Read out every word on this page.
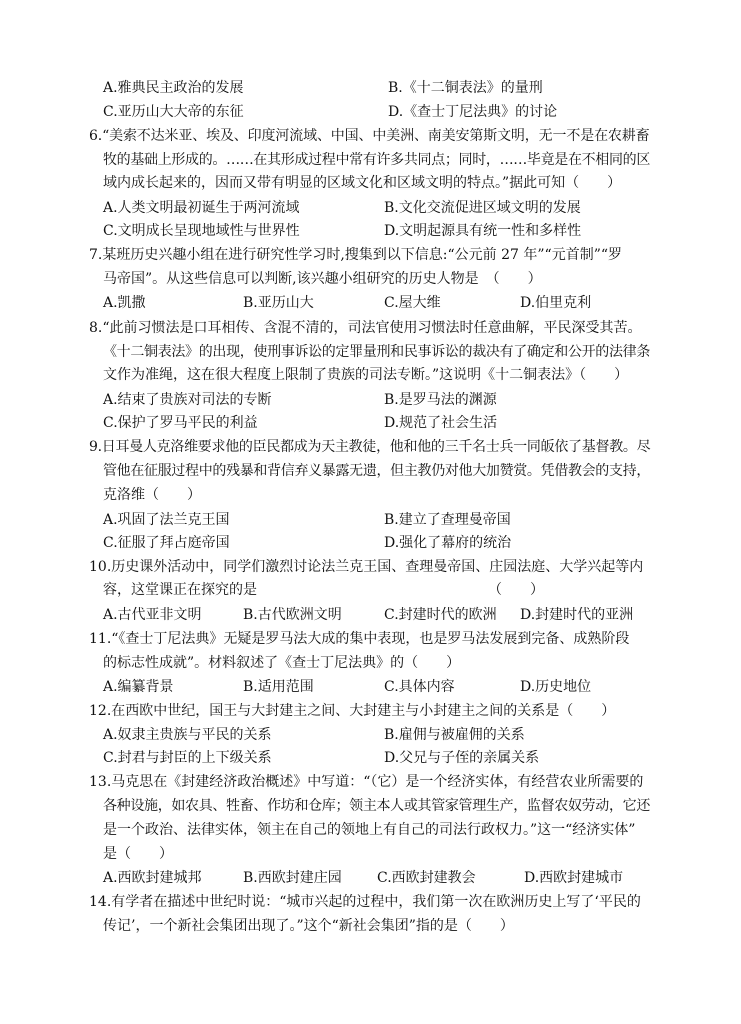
A.雅典民主政治的发展	B.《十二铜表法》的量刑
C.亚历山大大帝的东征	D.《查士丁尼法典》的讨论
6.“美索不达米亚、埃及、印度河流域、中国、中美洲、南美安第斯文明，无一不是在农耕畜
牧的基础上形成的。……在其形成过程中常有许多共同点；同时，……毕竟是在不相同的区
域内成长起来的，因而又带有明显的区域文化和区域文明的特点。”据此可知（　　）
A.人类文明最初诞生于两河流域	B.文化交流促进区域文明的发展
C.文明成长呈现地域性与世界性	D.文明起源具有统一性和多样性
7.某班历史兴趣小组在进行研究性学习时,搜集到以下信息:“公元前 27 年”“元首制”“罗
马帝国”。从这些信息可以判断,该兴趣小组研究的历史人物是　（　　）
A.凯撒	B.亚历山大	C.屋大维	D.伯里克利
8.“此前习惯法是口耳相传、含混不清的，司法官使用习惯法时任意曲解，平民深受其苦。
《十二铜表法》的出现，使刑事诉讼的定罪量刑和民事诉讼的裁决有了确定和公开的法律条
文作为准绳，这在很大程度上限制了贵族的司法专断。”这说明《十二铜表法》（　　）
A.结束了贵族对司法的专断	B.是罗马法的渊源
C.保护了罗马平民的利益	D.规范了社会生活
9.日耳曼人克洛维要求他的臣民都成为天主教徒，他和他的三千名士兵一同皈依了基督教。尽
管他在征服过程中的残暴和背信弃义暴露无遗，但主教仍对他大加赞赏。凭借教会的支持，
克洛维（　　）
A.巩固了法兰克王国	B.建立了查理曼帝国
C.征服了拜占庭帝国	D.强化了幕府的统治
10.历史课外活动中，同学们激烈讨论法兰克王国、查理曼帝国、庄园法庭、大学兴起等内
容，这堂课正在探究的是　　　　　　　　　　　　　　　　　（　　）
A.古代亚非文明	B.古代欧洲文明	C.封建时代的欧洲 D.封建时代的亚洲
11.“《查士丁尼法典》无疑是罗马法大成的集中表现，也是罗马法发展到完备、成熟阶段
的标志性成就”。材料叙述了《查士丁尼法典》的（　　）
A.编纂背景	B.适用范围	C.具体内容	D.历史地位
12.在西欧中世纪，国王与大封建主之间、大封建主与小封建主之间的关系是（　　）
A.奴隶主贵族与平民的关系	B.雇佣与被雇佣的关系
C.封君与封臣的上下级关系	D.父兄与子侄的亲属关系
13.马克思在《封建经济政治概述》中写道：“（它）是一个经济实体，有经营农业所需要的
各种设施，如农具、牲畜、作坊和仓库；领主本人或其管家管理生产，监督农奴劳动，它还
是一个政治、法律实体，领主在自己的领地上有自己的司法行政权力。”这一“经济实体”
是（　　）
A.西欧封建城邦	B.西欧封建庄园	C.西欧封建教会	D.西欧封建城市
14.有学者在描述中世纪时说：“城市兴起的过程中，我们第一次在欧洲历史上写了‘平民的
传记’，一个新社会集团出现了。”这个“新社会集团”指的是（　　）
